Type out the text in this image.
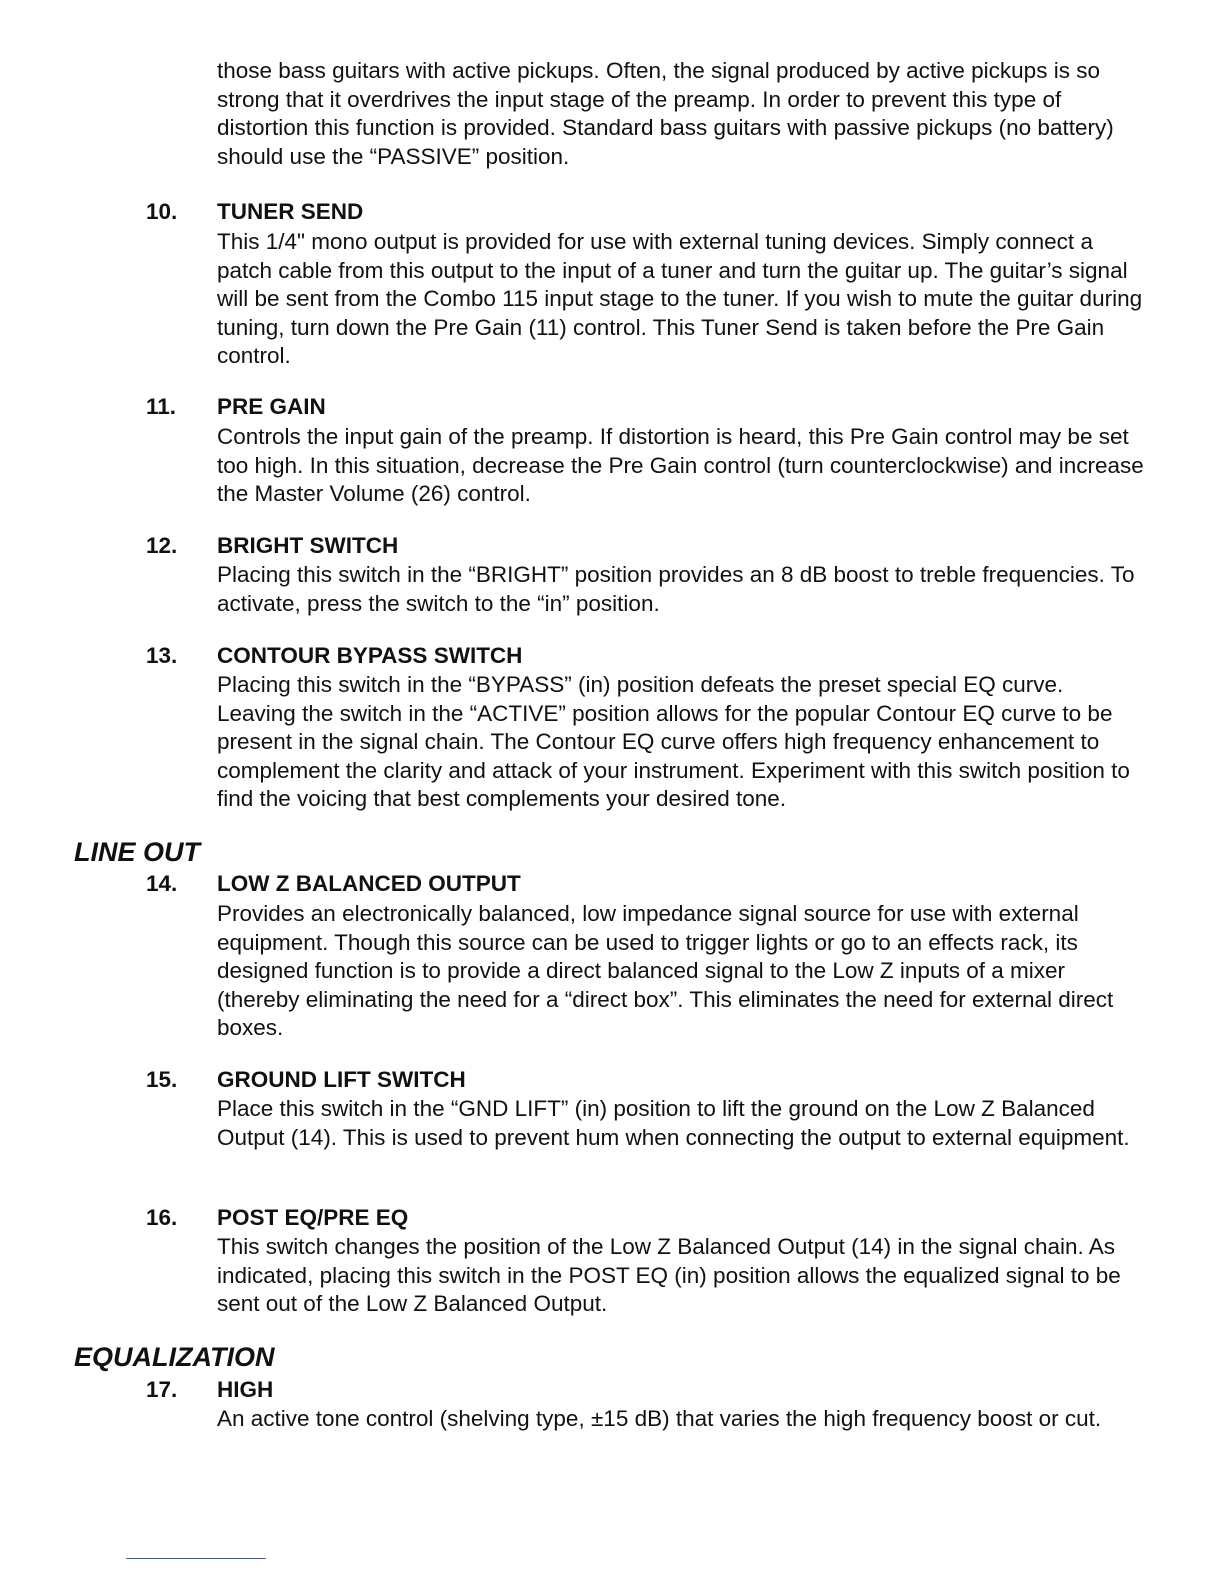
those bass guitars with active pickups. Often, the signal produced by active pickups is so strong that it overdrives the input stage of the preamp. In order to prevent this type of distortion this function is provided. Standard bass guitars with passive pickups (no battery) should use the “PASSIVE” position.

10. TUNER SEND

This 1/4" mono output is provided for use with external tuning devices. Simply connect a patch cable from this output to the input of a tuner and turn the guitar up. The guitar’s signal will be sent from the Combo 115 input stage to the tuner. If you wish to mute the guitar during tuning, turn down the Pre Gain (11) control. This Tuner Send is taken before the Pre Gain control.

11. PRE GAIN

Controls the input gain of the preamp. If distortion is heard, this Pre Gain control may be set too high. In this situation, decrease the Pre Gain control (turn counterclockwise) and increase the Master Volume (26) control.

12. BRIGHT SWITCH

Placing this switch in the “BRIGHT” position provides an 8 dB boost to treble frequencies. To activate, press the switch to the “in” position.

13. CONTOUR BYPASS SWITCH

Placing this switch in the “BYPASS” (in) position defeats the preset special EQ curve. Leaving the switch in the “ACTIVE” position allows for the popular Contour EQ curve to be present in the signal chain. The Contour EQ curve offers high frequency enhancement to complement the clarity and attack of your instrument. Experiment with this switch position to find the voicing that best complements your desired tone.

LINE OUT
14. LOW Z BALANCED OUTPUT

Provides an electronically balanced, low impedance signal source for use with external equipment. Though this source can be used to trigger lights or go to an effects rack, its designed function is to provide a direct balanced signal to the Low Z inputs of a mixer (thereby eliminating the need for a “direct box”. This eliminates the need for external direct boxes.

15. GROUND LIFT SWITCH

Place this switch in the “GND LIFT” (in) position to lift the ground on the Low Z Balanced Output (14). This is used to prevent hum when connecting the output to external equipment.

16. POST EQ/PRE EQ

This switch changes the position of the Low Z Balanced Output (14) in the signal chain. As indicated, placing this switch in the POST EQ (in) position allows the equalized signal to be sent out of the Low Z Balanced Output.

EQUALIZATION
17. HIGH

An active tone control (shelving type, ±15 dB) that varies the high frequency boost or cut.
